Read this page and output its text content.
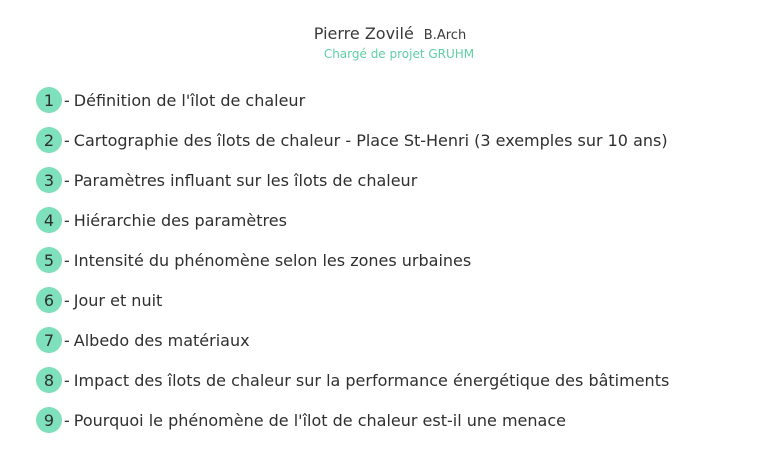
Pierre Zovilé B.Arch
Chargé de projet GRUHM
1 - Définition de l'îlot de chaleur
2 - Cartographie des îlots de chaleur - Place St-Henri (3 exemples sur 10 ans)
3 - Paramètres influant sur les îlots de chaleur
4 - Hiérarchie des paramètres
5 - Intensité du phénomène selon les zones urbaines
6 - Jour et nuit
7 - Albedo des matériaux
8 - Impact des îlots de chaleur sur la performance énergétique des bâtiments
9 - Pourquoi le phénomène de l'îlot de chaleur est-il une menace
